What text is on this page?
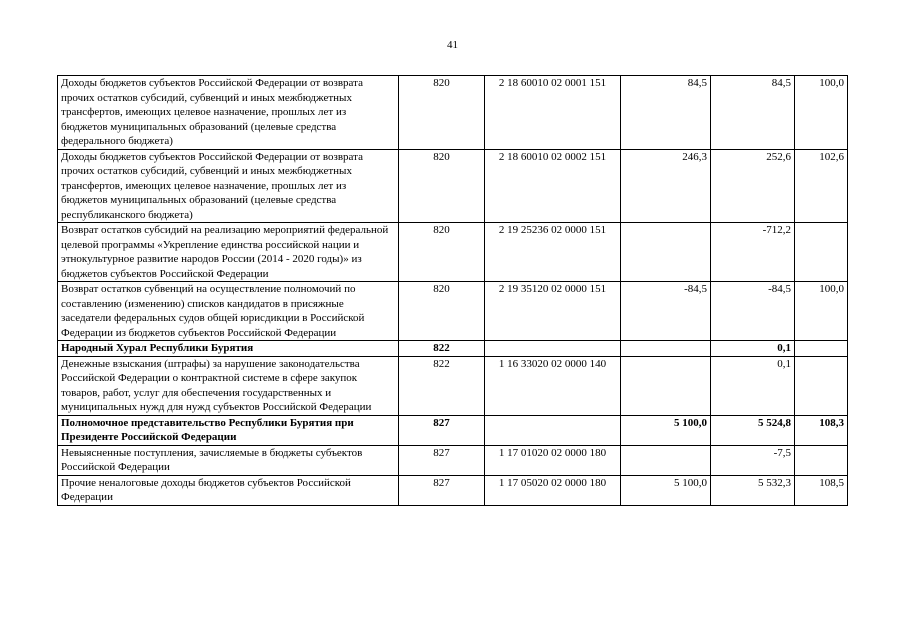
41
Доходы бюджетов субъектов Российской Федерации от возврата прочих остатков субсидий, субвенций и иных межбюджетных трансфертов, имеющих целевое назначение, прошлых лет из бюджетов муниципальных образований (целевые средства федерального бюджета)	820	2 18 60010 02 0001 151	84,5	84,5	100,0
Доходы бюджетов субъектов Российской Федерации от возврата прочих остатков субсидий, субвенций и иных межбюджетных трансфертов, имеющих целевое назначение, прошлых лет из бюджетов муниципальных образований (целевые средства республиканского бюджета)	820	2 18 60010 02 0002 151	246,3	252,6	102,6
Возврат остатков субсидий на реализацию мероприятий федеральной целевой программы «Укрепление единства российской нации и этнокультурное развитие народов России (2014 - 2020 годы)» из бюджетов субъектов Российской Федерации	820	2 19 25236 02 0000 151		-712,2	
Возврат остатков субвенций на осуществление полномочий по составлению (изменению) списков кандидатов в присяжные заседатели федеральных судов общей юрисдикции в Российской Федерации из бюджетов субъектов Российской Федерации	820	2 19 35120 02 0000 151	-84,5	-84,5	100,0
Народный Хурал Республики Бурятия	822			0,1	
Денежные взыскания (штрафы) за нарушение законодательства Российской Федерации о контрактной системе в сфере закупок товаров, работ, услуг для обеспечения государственных и муниципальных нужд для нужд субъектов Российской Федерации	822	1 16 33020 02 0000 140		0,1	
Полномочное представительство Республики Бурятия при Президенте Российской Федерации	827		5 100,0	5 524,8	108,3
Невыясненные поступления, зачисляемые в бюджеты субъектов Российской Федерации	827	1 17 01020 02 0000 180		-7,5	
Прочие неналоговые доходы бюджетов субъектов Российской Федерации	827	1 17 05020 02 0000 180	5 100,0	5 532,3	108,5
